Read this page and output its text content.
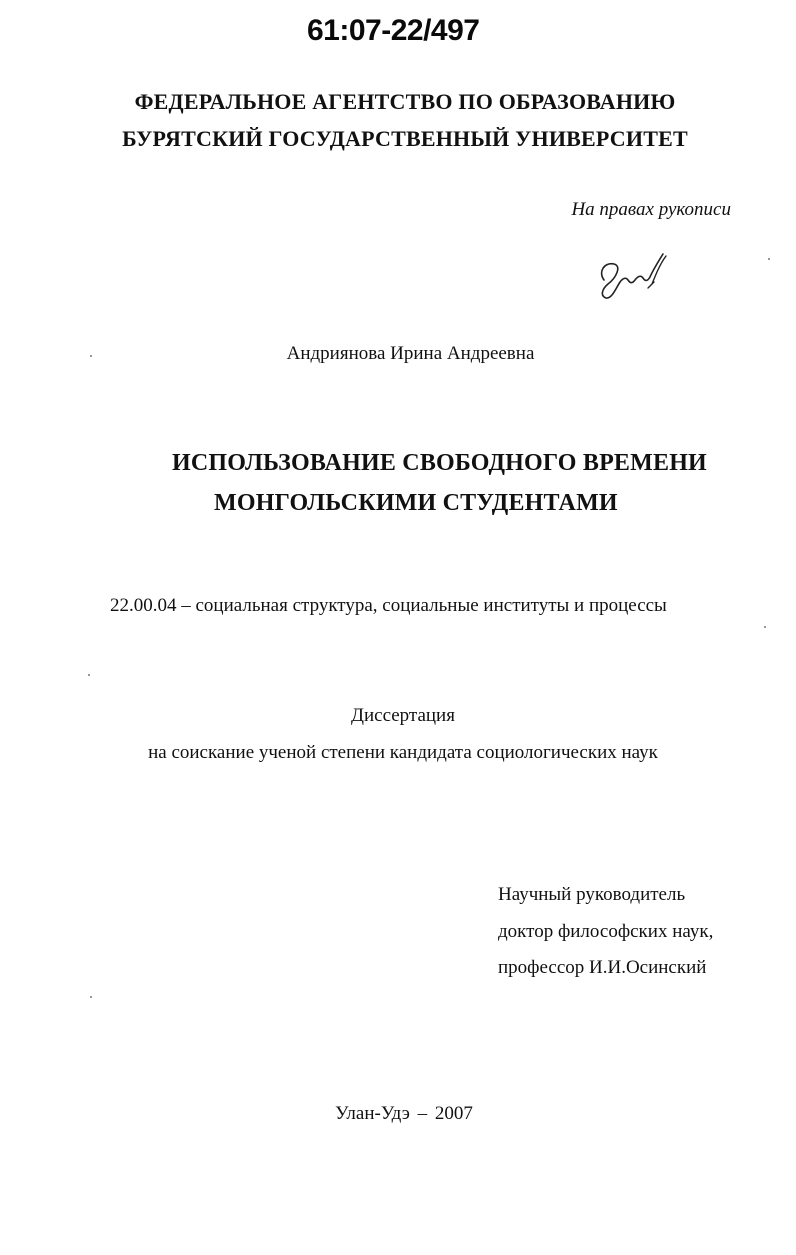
61:07-22/497
ФЕДЕРАЛЬНОЕ АГЕНТСТВО ПО ОБРАЗОВАНИЮ
БУРЯТСКИЙ ГОСУДАРСТВЕННЫЙ УНИВЕРСИТЕТ
На правах рукописи
Андриянова Ирина Андреевна
ИСПОЛЬЗОВАНИЕ СВОБОДНОГО ВРЕМЕНИ
МОНГОЛЬСКИМИ СТУДЕНТАМИ
22.00.04 – социальная структура, социальные институты и процессы
Диссертация
на соискание ученой степени кандидата социологических наук
Научный руководитель
доктор философских наук,
профессор И.И.Осинский
Улан-Удэ – 2007
